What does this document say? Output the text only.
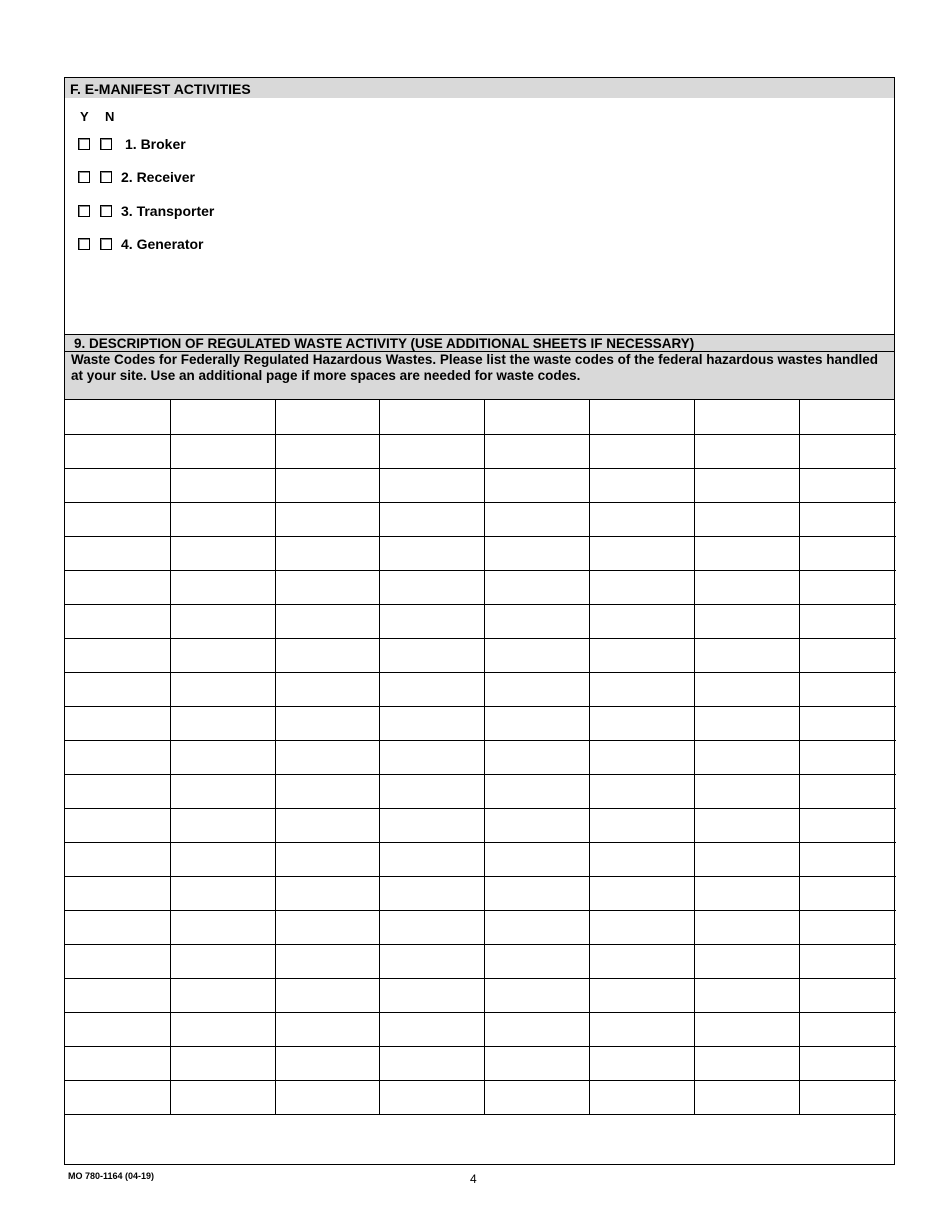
F. E-MANIFEST ACTIVITIES
Y N
1. Broker
2. Receiver
3. Transporter
4. Generator
9. DESCRIPTION OF REGULATED WASTE ACTIVITY (USE ADDITIONAL SHEETS IF NECESSARY)
Waste Codes for Federally Regulated Hazardous Wastes. Please list the waste codes of the federal hazardous wastes handled at your site. Use an additional page if more spaces are needed for waste codes.

MO 780-1164 (04-19)	4
